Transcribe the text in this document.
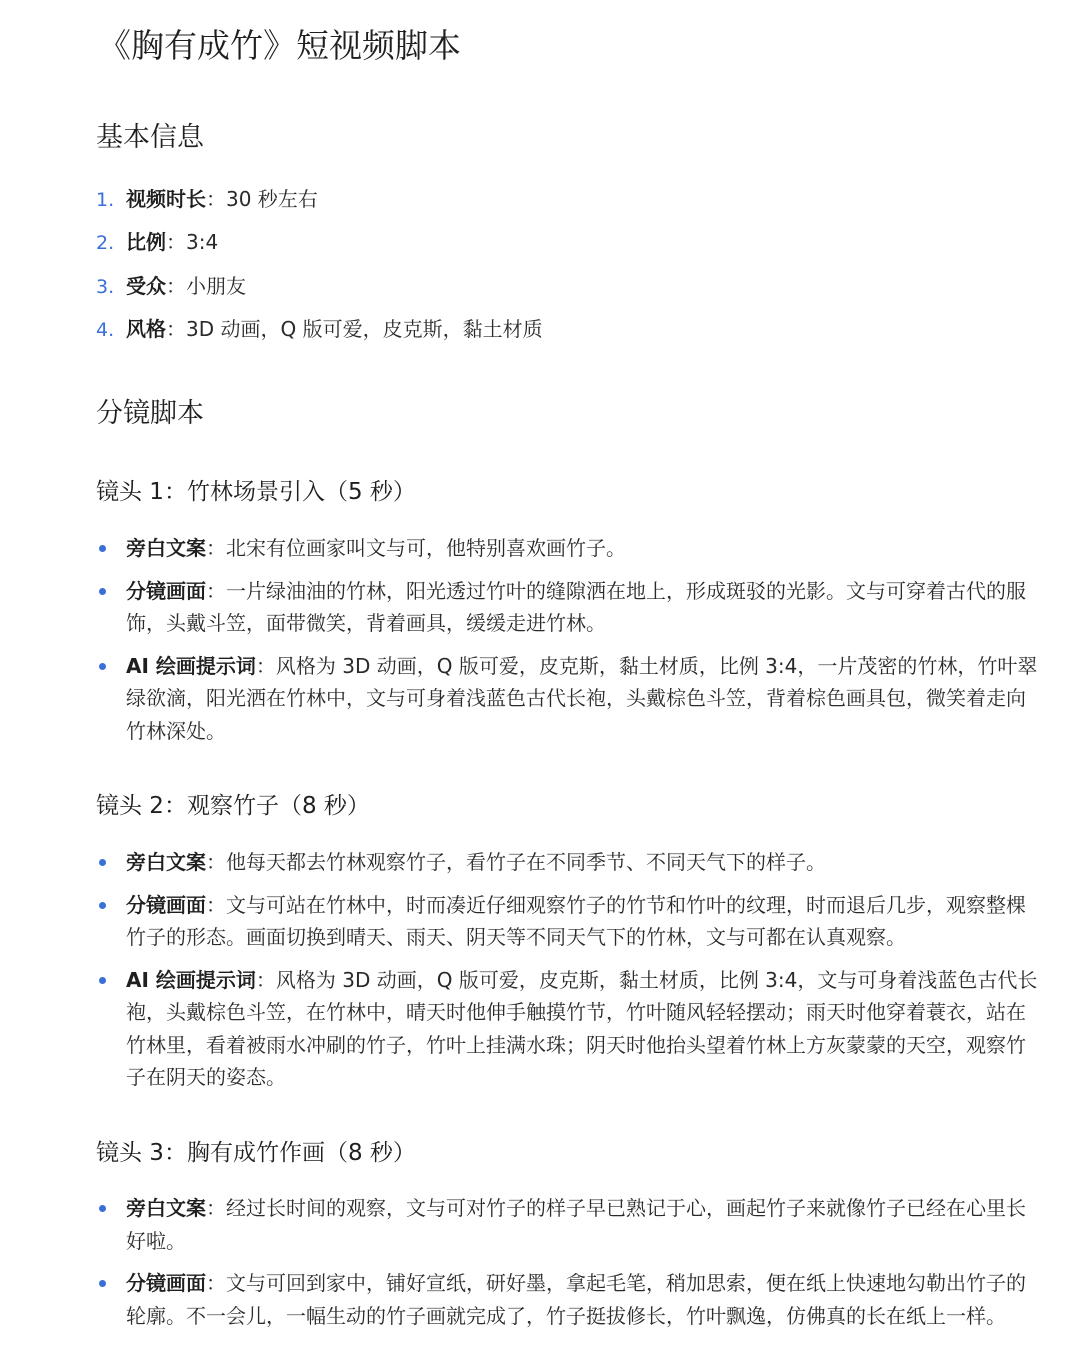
《胸有成竹》短视频脚本
基本信息
1. 视频时长：30 秒左右
2. 比例：3:4
3. 受众：小朋友
4. 风格：3D 动画，Q 版可爱，皮克斯，黏土材质
分镜脚本
镜头 1：竹林场景引入（5 秒）
旁白文案：北宋有位画家叫文与可，他特别喜欢画竹子。
分镜画面：一片绿油油的竹林，阳光透过竹叶的缝隙洒在地上，形成斑驳的光影。文与可穿着古代的服饰，头戴斗笠，面带微笑，背着画具，缓缓走进竹林。
AI 绘画提示词：风格为 3D 动画，Q 版可爱，皮克斯，黏土材质，比例 3:4，一片茂密的竹林，竹叶翠绿欲滴，阳光洒在竹林中，文与可身着浅蓝色古代长袍，头戴棕色斗笠，背着棕色画具包，微笑着走向竹林深处。
镜头 2：观察竹子（8 秒）
旁白文案：他每天都去竹林观察竹子，看竹子在不同季节、不同天气下的样子。
分镜画面：文与可站在竹林中，时而凑近仔细观察竹子的竹节和竹叶的纹理，时而退后几步，观察整棵竹子的形态。画面切换到晴天、雨天、阴天等不同天气下的竹林，文与可都在认真观察。
AI 绘画提示词：风格为 3D 动画，Q 版可爱，皮克斯，黏土材质，比例 3:4，文与可身着浅蓝色古代长袍，头戴棕色斗笠，在竹林中，晴天时他伸手触摸竹节，竹叶随风轻轻摆动；雨天时他穿着蓑衣，站在竹林里，看着被雨水冲刷的竹子，竹叶上挂满水珠；阴天时他抬头望着竹林上方灰蒙蒙的天空，观察竹子在阴天的姿态。
镜头 3：胸有成竹作画（8 秒）
旁白文案：经过长时间的观察，文与可对竹子的样子早已熟记于心，画起竹子来就像竹子已经在心里长好啦。
分镜画面：文与可回到家中，铺好宣纸，研好墨，拿起毛笔，稍加思索，便在纸上快速地勾勒出竹子的轮廓。不一会儿，一幅生动的竹子画就完成了，竹子挺拔修长，竹叶飘逸，仿佛真的长在纸上一样。
